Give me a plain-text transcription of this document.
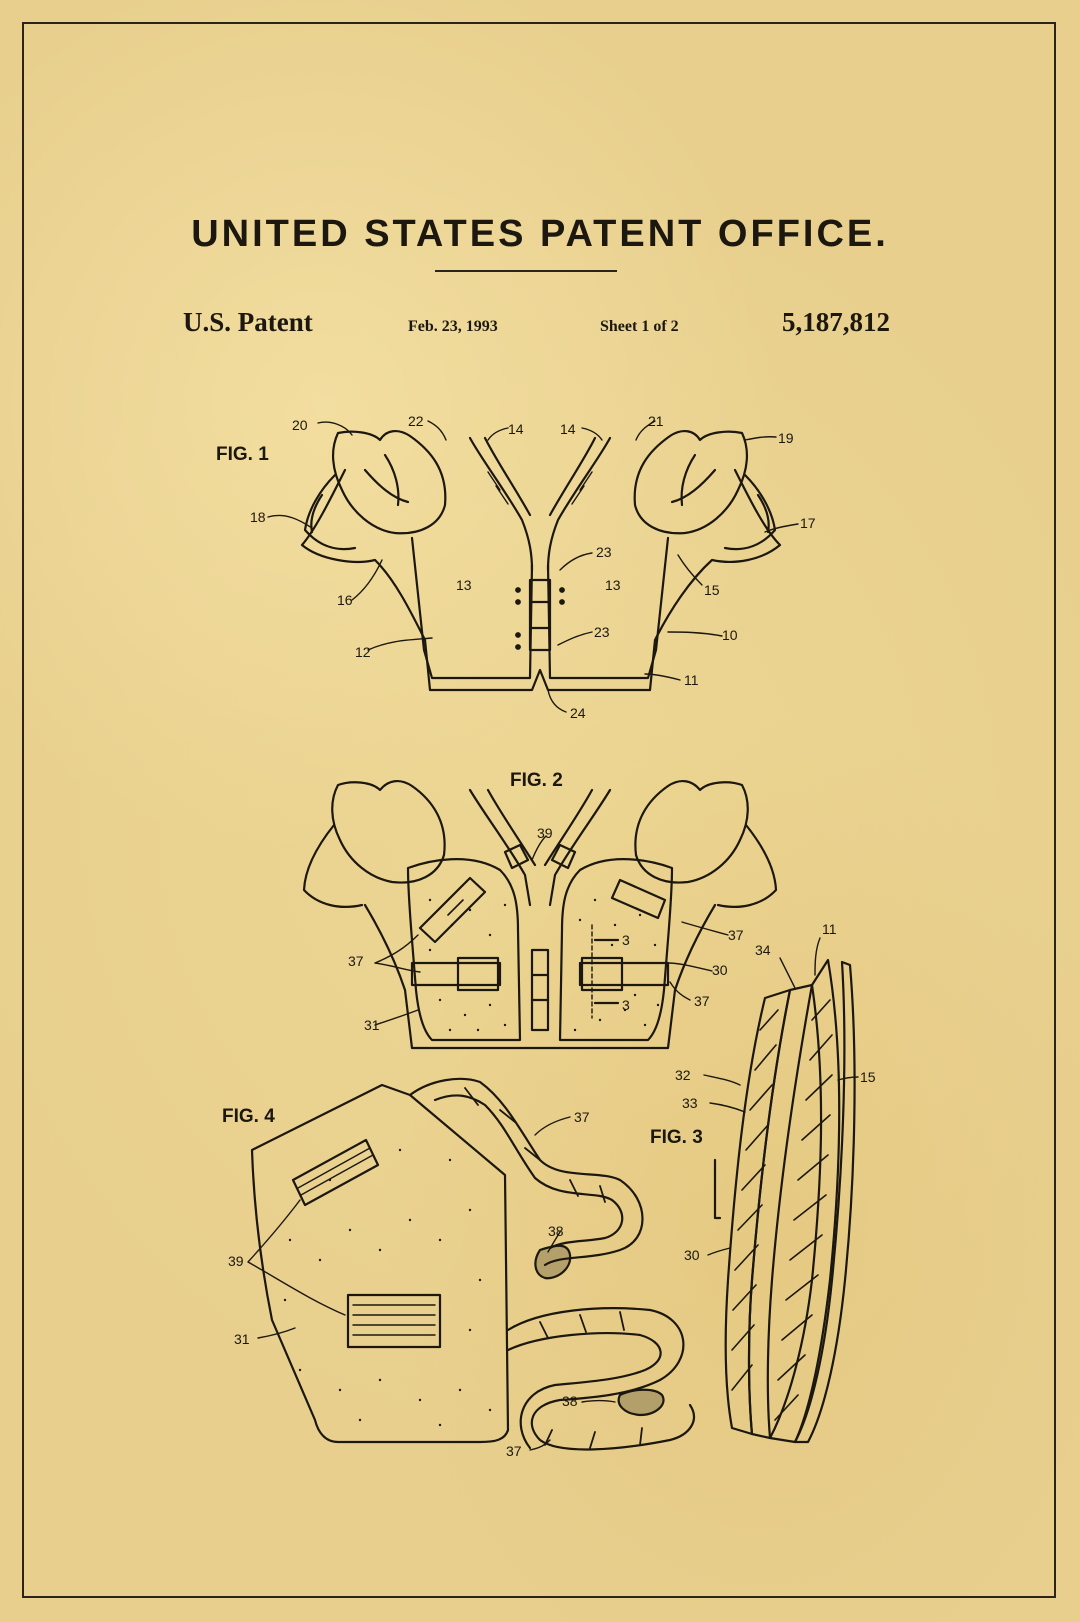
UNITED STATES PATENT OFFICE.
U.S. Patent	Feb. 23, 1993	Sheet 1 of 2	5,187,812
FIG. 1
FIG. 2
FIG. 3
FIG. 4
20	22	14	14	21
19
18	17
13
23
13	15
16
12
23	10
11
24
39
37
37
3
30
3	37
31
11
34
32	15
33
30
37
38
39
31
38
37
